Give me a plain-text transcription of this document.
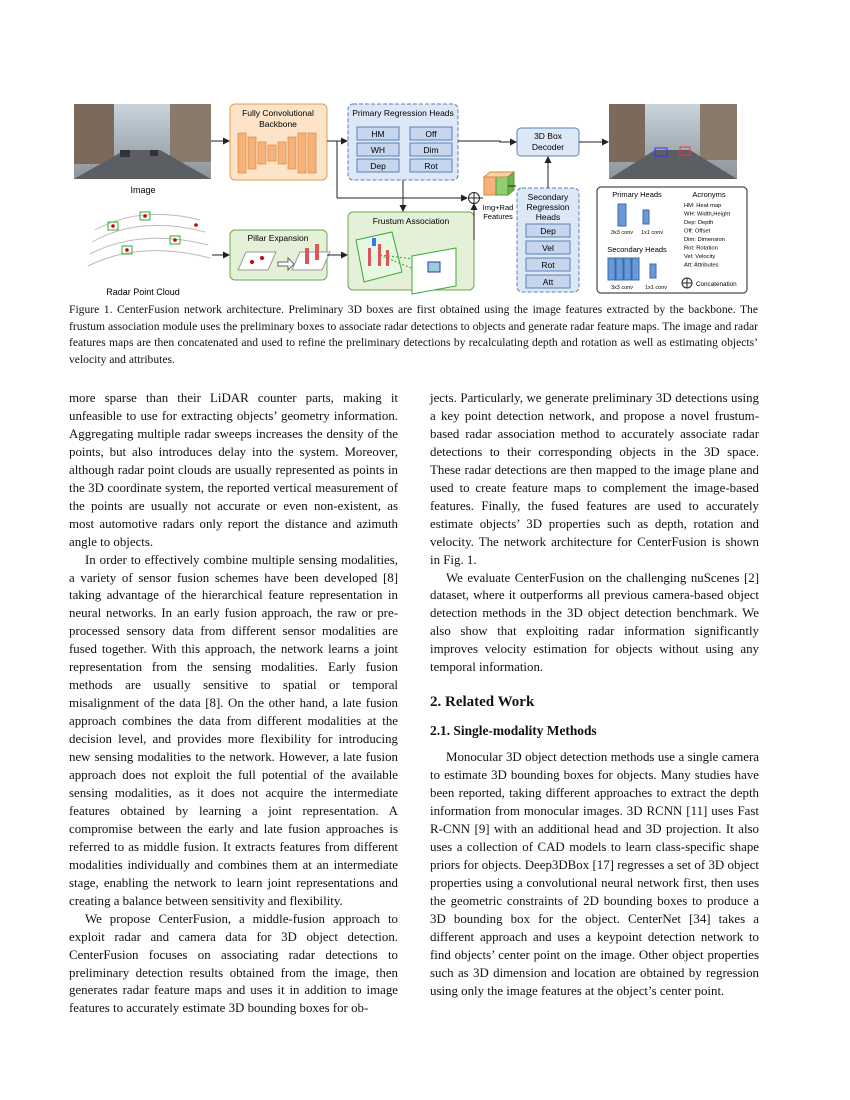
Image
Radar Point Cloud
Fully Convolutional
Backbone
Primary Regression Heads
HM	Off
WH	Dim
Dep	Rot
3D Box
Decoder
Secondary
Regression
Heads
Dep
Vel
Rot
Att
Img+Rad
Features
Pillar Expansion
Frustum Association
Primary Heads
3x3 conv 1x1 conv
Secondary Heads
3x3 conv 1x1 conv
Acronyms
HM: Heat map
WH: Width,Height
Dep: Depth
Off: Offset
Dim: Dimension
Rot: Rotation
Vel: Velocity
Att: Attributes
Concatenation
Figure 1. CenterFusion network architecture. Preliminary 3D boxes are first obtained using the image features extracted by the backbone. The frustum association module uses the preliminary boxes to associate radar detections to objects and generate radar feature maps. The image and radar features maps are then concatenated and used to refine the preliminary detections by recalculating depth and rotation as well as estimating objects’ velocity and attributes.

more sparse than their LiDAR counter parts, making it unfeasible to use for extracting objects’ geometry information. Aggregating multiple radar sweeps increases the density of the points, but also introduces delay into the system. Moreover, although radar point clouds are usually represented as points in the 3D coordinate system, the reported vertical measurement of the points are usually not accurate or even non-existent, as most automotive radars only report the distance and azimuth angle to objects.

In order to effectively combine multiple sensing modalities, a variety of sensor fusion schemes have been developed [8] taking advantage of the hierarchical feature representation in neural networks. In an early fusion approach, the raw or pre-processed sensory data from different sensor modalities are fused together. With this approach, the network learns a joint representation from the sensing modalities. Early fusion methods are usually sensitive to spatial or temporal misalignment of the data [8]. On the other hand, a late fusion approach combines the data from different modalities at the decision level, and provides more flexibility for introducing new sensing modalities to the network. However, a late fusion approach does not exploit the full potential of the available sensing modalities, as it does not acquire the intermediate features obtained by learning a joint representation. A compromise between the early and late fusion approaches is referred to as middle fusion. It extracts features from different modalities individually and combines them at an intermediate stage, enabling the network to learn joint representations and creating a balance between sensitivity and flexibility.

We propose CenterFusion, a middle-fusion approach to exploit radar and camera data for 3D object detection. CenterFusion focuses on associating radar detections to preliminary detection results obtained from the image, then generates radar feature maps and uses it in addition to image features to accurately estimate 3D bounding boxes for ob-

jects. Particularly, we generate preliminary 3D detections using a key point detection network, and propose a novel frustum-based radar association method to accurately associate radar detections to their corresponding objects in the 3D space. These radar detections are then mapped to the image plane and used to create feature maps to complement the image-based features. Finally, the fused features are used to accurately estimate objects’ 3D properties such as depth, rotation and velocity. The network architecture for CenterFusion is shown in Fig. 1.

We evaluate CenterFusion on the challenging nuScenes [2] dataset, where it outperforms all previous camera-based object detection methods in the 3D object detection benchmark. We also show that exploiting radar information significantly improves velocity estimation for objects without using any temporal information.

2. Related Work
2.1. Single-modality Methods

Monocular 3D object detection methods use a single camera to estimate 3D bounding boxes for objects. Many studies have been reported, taking different approaches to extract the depth information from monocular images. 3D RCNN [11] uses Fast R-CNN [9] with an additional head and 3D projection. It also uses a collection of CAD models to learn class-specific shape priors for objects. Deep3DBox [17] regresses a set of 3D object properties using a convolutional neural network first, then uses the geometric constraints of 2D bounding boxes to produce a 3D bounding box for the object. CenterNet [34] takes a different approach and uses a keypoint detection network to find objects’ center point on the image. Other object properties such as 3D dimension and location are obtained by regression using only the image features at the object’s center point.
